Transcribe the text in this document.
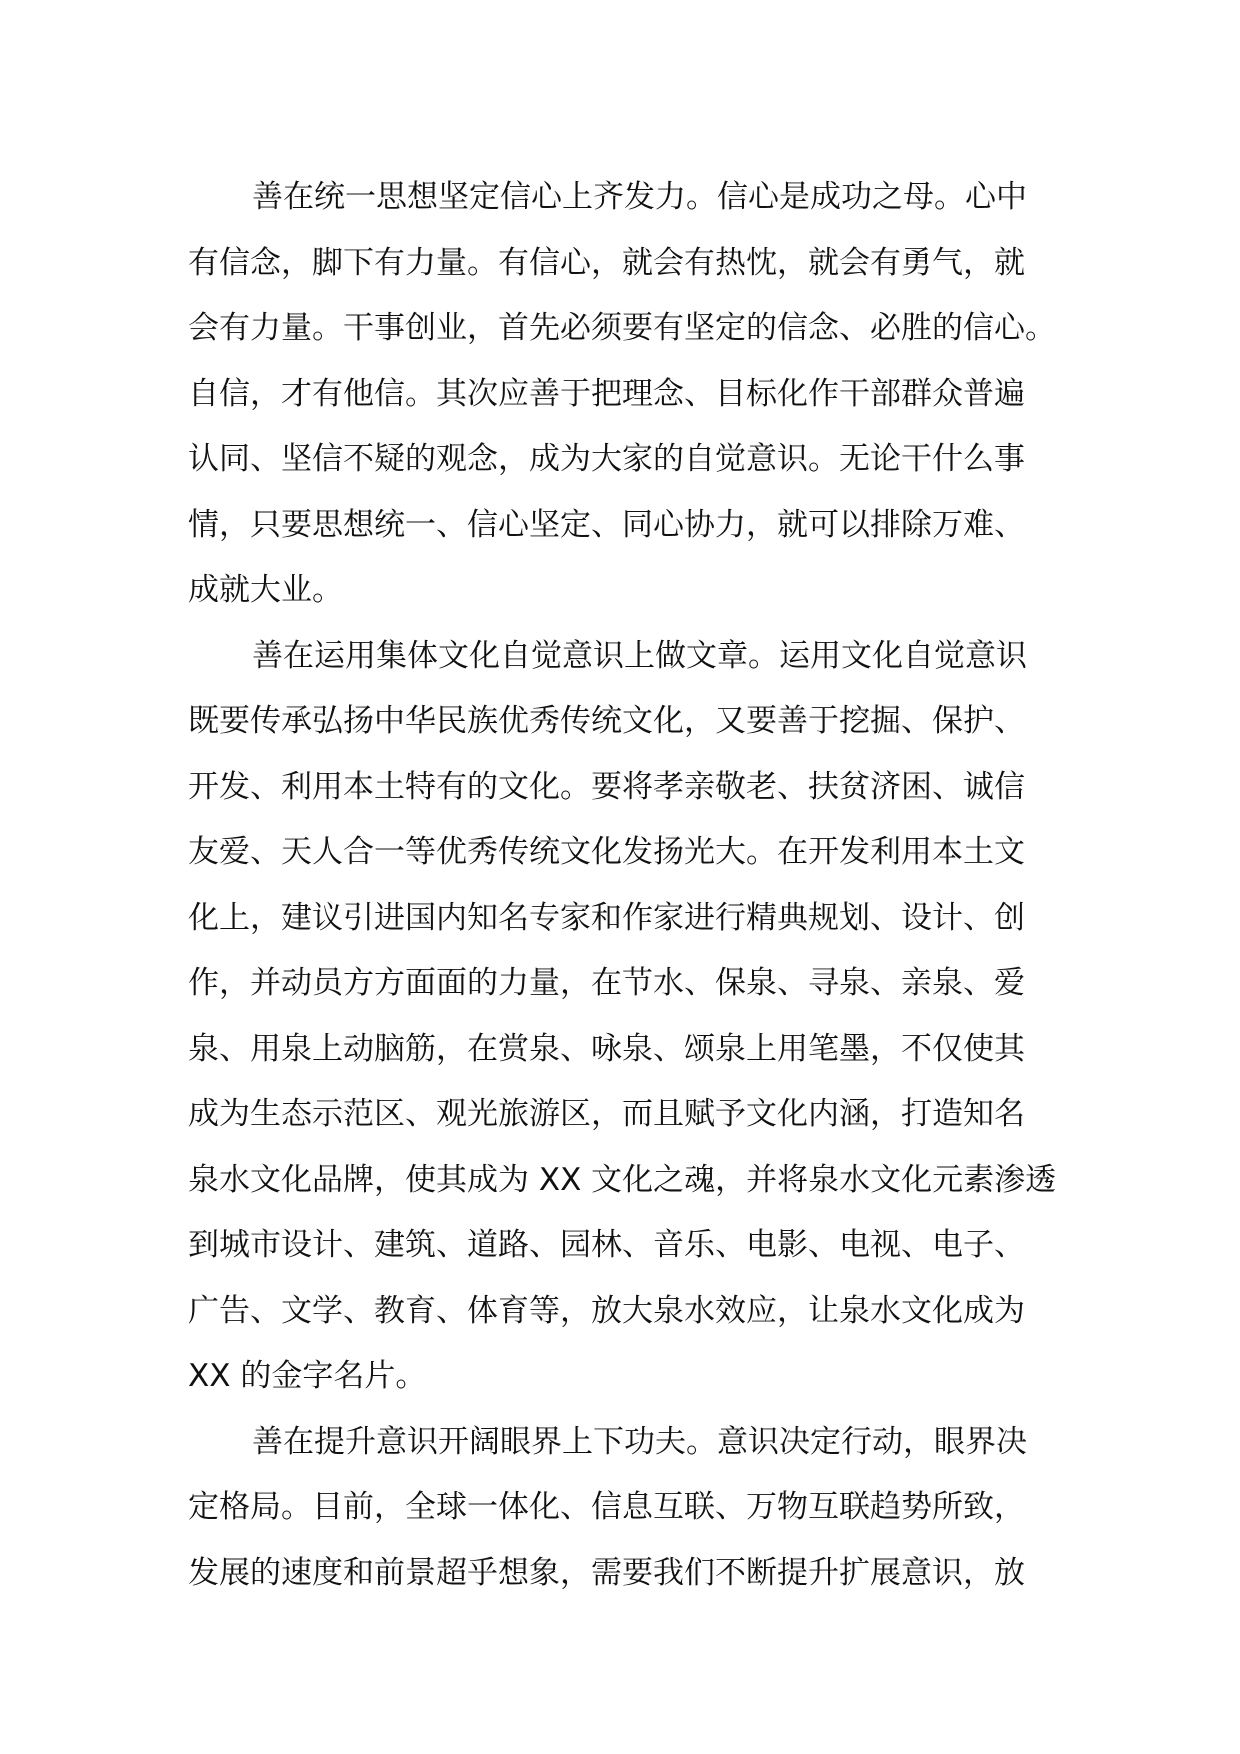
善在统一思想坚定信心上齐发力。信心是成功之母。心中
有信念，脚下有力量。有信心，就会有热忱，就会有勇气，就
会有力量。干事创业，首先必须要有坚定的信念、必胜的信心。
自信，才有他信。其次应善于把理念、目标化作干部群众普遍
认同、坚信不疑的观念，成为大家的自觉意识。无论干什么事
情，只要思想统一、信心坚定、同心协力，就可以排除万难、
成就大业。
善在运用集体文化自觉意识上做文章。运用文化自觉意识
既要传承弘扬中华民族优秀传统文化，又要善于挖掘、保护、
开发、利用本土特有的文化。要将孝亲敬老、扶贫济困、诚信
友爱、天人合一等优秀传统文化发扬光大。在开发利用本土文
化上，建议引进国内知名专家和作家进行精典规划、设计、创
作，并动员方方面面的力量，在节水、保泉、寻泉、亲泉、爱
泉、用泉上动脑筋，在赏泉、咏泉、颂泉上用笔墨，不仅使其
成为生态示范区、观光旅游区，而且赋予文化内涵，打造知名
泉水文化品牌，使其成为 XX 文化之魂，并将泉水文化元素渗透
到城市设计、建筑、道路、园林、音乐、电影、电视、电子、
广告、文学、教育、体育等，放大泉水效应，让泉水文化成为
XX 的金字名片。
善在提升意识开阔眼界上下功夫。意识决定行动，眼界决
定格局。目前，全球一体化、信息互联、万物互联趋势所致，
发展的速度和前景超乎想象，需要我们不断提升扩展意识，放
